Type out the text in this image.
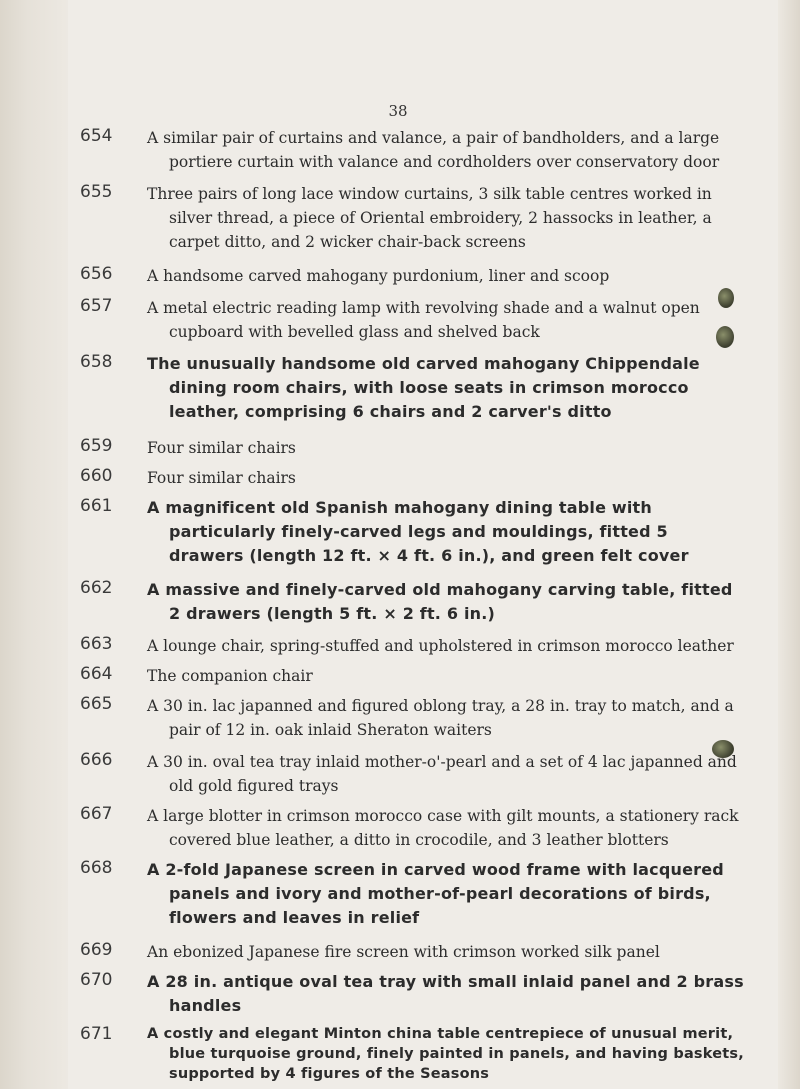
38
654	A similar pair of curtains and valance, a pair of bandholders, and a large portiere curtain with valance and cordholders over conservatory door
655	Three pairs of long lace window curtains, 3 silk table centres worked in silver thread, a piece of Oriental embroidery, 2 hassocks in leather, a carpet ditto, and 2 wicker chair-back screens
656	A handsome carved mahogany purdonium, liner and scoop
657	A metal electric reading lamp with revolving shade and a walnut open cupboard with bevelled glass and shelved back
658	The unusually handsome old carved mahogany Chippendale dining room chairs, with loose seats in crimson morocco leather, comprising 6 chairs and 2 carver's ditto
659	Four similar chairs
660	Four similar chairs
661	A magnificent old Spanish mahogany dining table with particularly finely-carved legs and mouldings, fitted 5 drawers (length 12 ft. × 4 ft. 6 in.), and green felt cover
662	A massive and finely-carved old mahogany carving table, fitted 2 drawers (length 5 ft. × 2 ft. 6 in.)
663	A lounge chair, spring-stuffed and upholstered in crimson morocco leather
664	The companion chair
665	A 30 in. lac japanned and figured oblong tray, a 28 in. tray to match, and a pair of 12 in. oak inlaid Sheraton waiters
666	A 30 in. oval tea tray inlaid mother-o'-pearl and a set of 4 lac japanned and old gold figured trays
667	A large blotter in crimson morocco case with gilt mounts, a stationery rack covered blue leather, a ditto in crocodile, and 3 leather blotters
668	A 2-fold Japanese screen in carved wood frame with lacquered panels and ivory and mother-of-pearl decorations of birds, flowers and leaves in relief
669	An ebonized Japanese fire screen with crimson worked silk panel
670	A 28 in. antique oval tea tray with small inlaid panel and 2 brass handles
671	A costly and elegant Minton china table centrepiece of unusual merit, blue turquoise ground, finely painted in panels, and having baskets, supported by 4 figures of the Seasons
